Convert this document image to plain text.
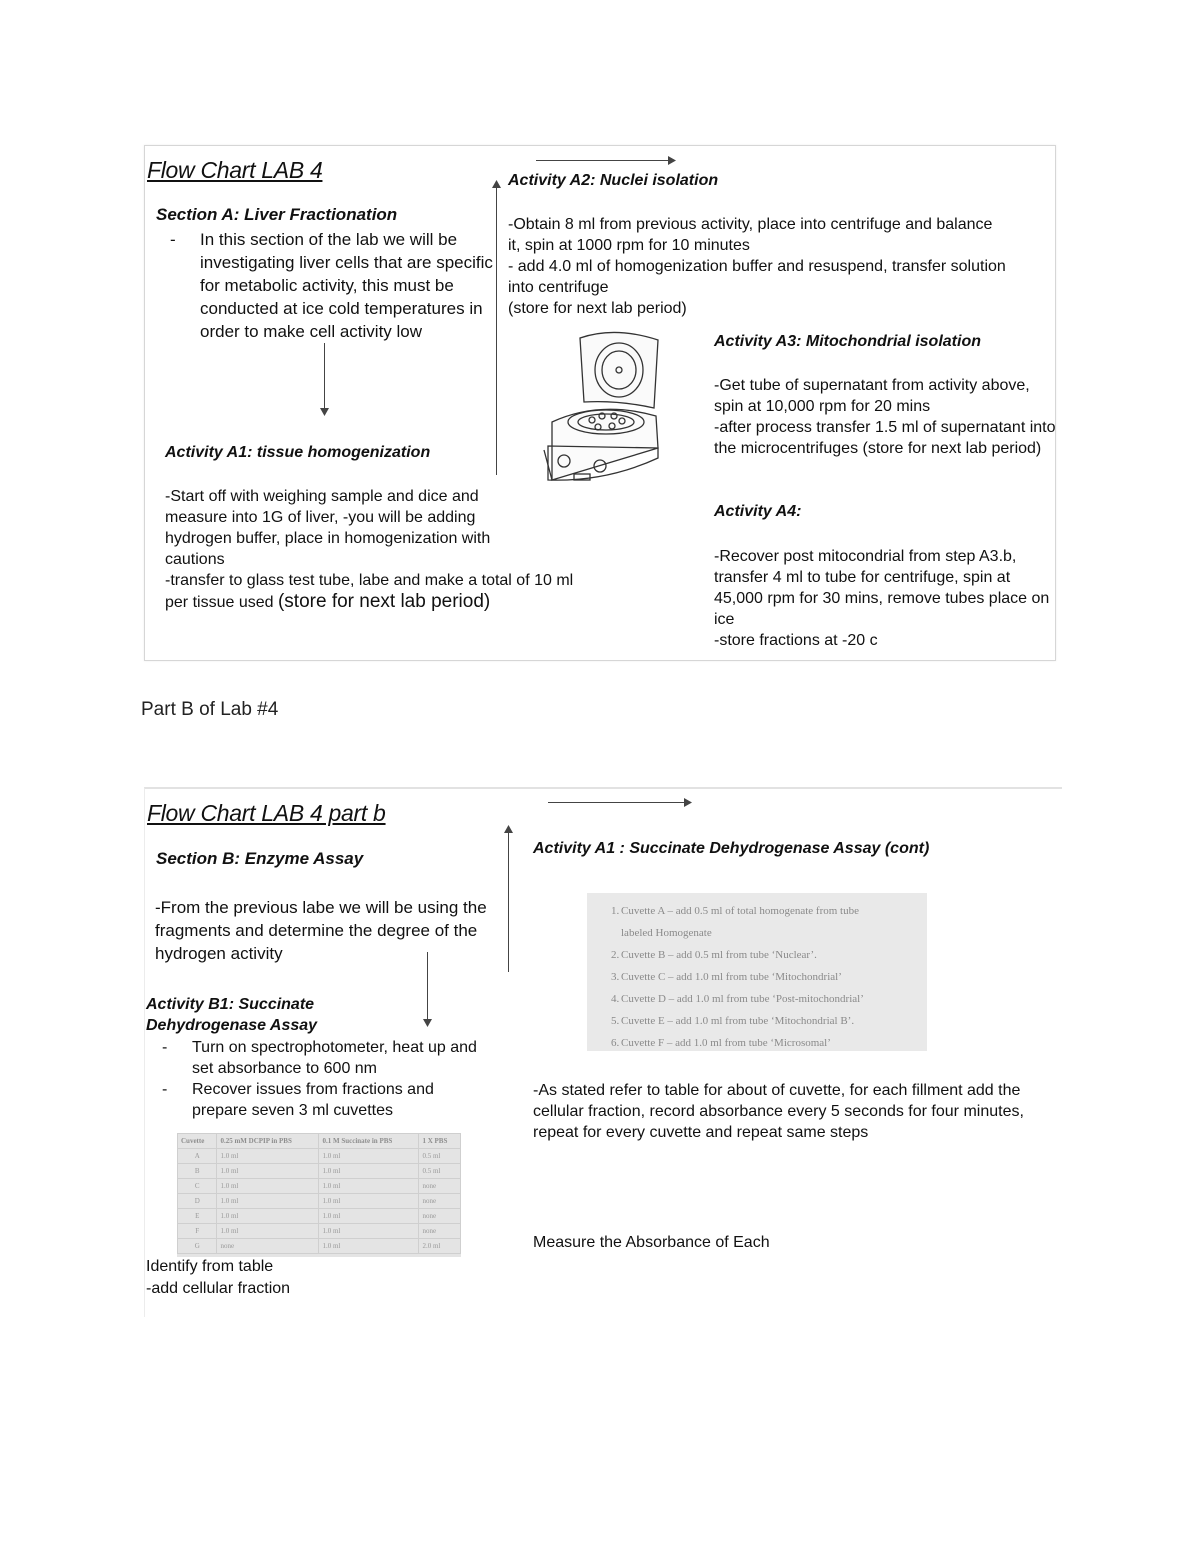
Flow Chart LAB 4
Section A: Liver Fractionation
- In this section of the lab we will be investigating liver cells that are specific for metabolic activity, this must be conducted at ice cold temperatures in order to make cell activity low
Activity A1: tissue homogenization
-Start off with weighing sample and dice and measure into 1G of liver, -you will be adding hydrogen buffer, place in homogenization with cautions
-transfer to glass test tube, labe and make a total of 10 ml per tissue used (store for next lab period)
Activity A2: Nuclei isolation
-Obtain 8 ml from previous activity, place into centrifuge and balance it, spin at 1000 rpm for 10 minutes
- add 4.0 ml of homogenization buffer and resuspend, transfer solution into centrifuge
(store for next lab period)
Activity A3: Mitochondrial isolation
-Get tube of supernatant from activity above, spin at 10,000 rpm for 20 mins
-after process transfer 1.5 ml of supernatant into the microcentrifuges (store for next lab period)
Activity A4:
-Recover post mitocondrial from step A3.b, transfer 4 ml to tube for centrifuge, spin at 45,000 rpm for 30 mins, remove tubes place on ice
-store fractions at -20 c
Part B of Lab #4
Flow Chart LAB 4 part b
Section B: Enzyme Assay
-From the previous labe we will be using the fragments and determine the degree of the hydrogen activity
Activity B1: Succinate Dehydrogenase Assay
- Turn on spectrophotometer, heat up and set absorbance to 600 nm
- Recover issues from fractions and prepare seven 3 ml cuvettes
Cuvette	0.25 mM DCPIP in PBS	0.1 M Succinate in PBS	1 X PBS
A	1.0 ml	1.0 ml	0.5 ml
B	1.0 ml	1.0 ml	0.5 ml
C	1.0 ml	1.0 ml	none
D	1.0 ml	1.0 ml	none
E	1.0 ml	1.0 ml	none
F	1.0 ml	1.0 ml	none
G	none	1.0 ml	2.0 ml
Identify from table
-add cellular fraction
Activity A1 : Succinate Dehydrogenase Assay (cont)
1. Cuvette A – add 0.5 ml of total homogenate from tube
labeled Homogenate
2. Cuvette B – add 0.5 ml from tube ‘Nuclear’.
3. Cuvette C – add 1.0 ml from tube ‘Mitochondrial’
4. Cuvette D – add 1.0 ml from tube ‘Post-mitochondrial’
5. Cuvette E – add 1.0 ml from tube ‘Mitochondrial B’.
6. Cuvette F – add 1.0 ml from tube ‘Microsomal’
-As stated refer to table for about of cuvette, for each fillment add the cellular fraction, record absorbance every 5 seconds for four minutes, repeat for every cuvette and repeat same steps
Measure the Absorbance of Each
